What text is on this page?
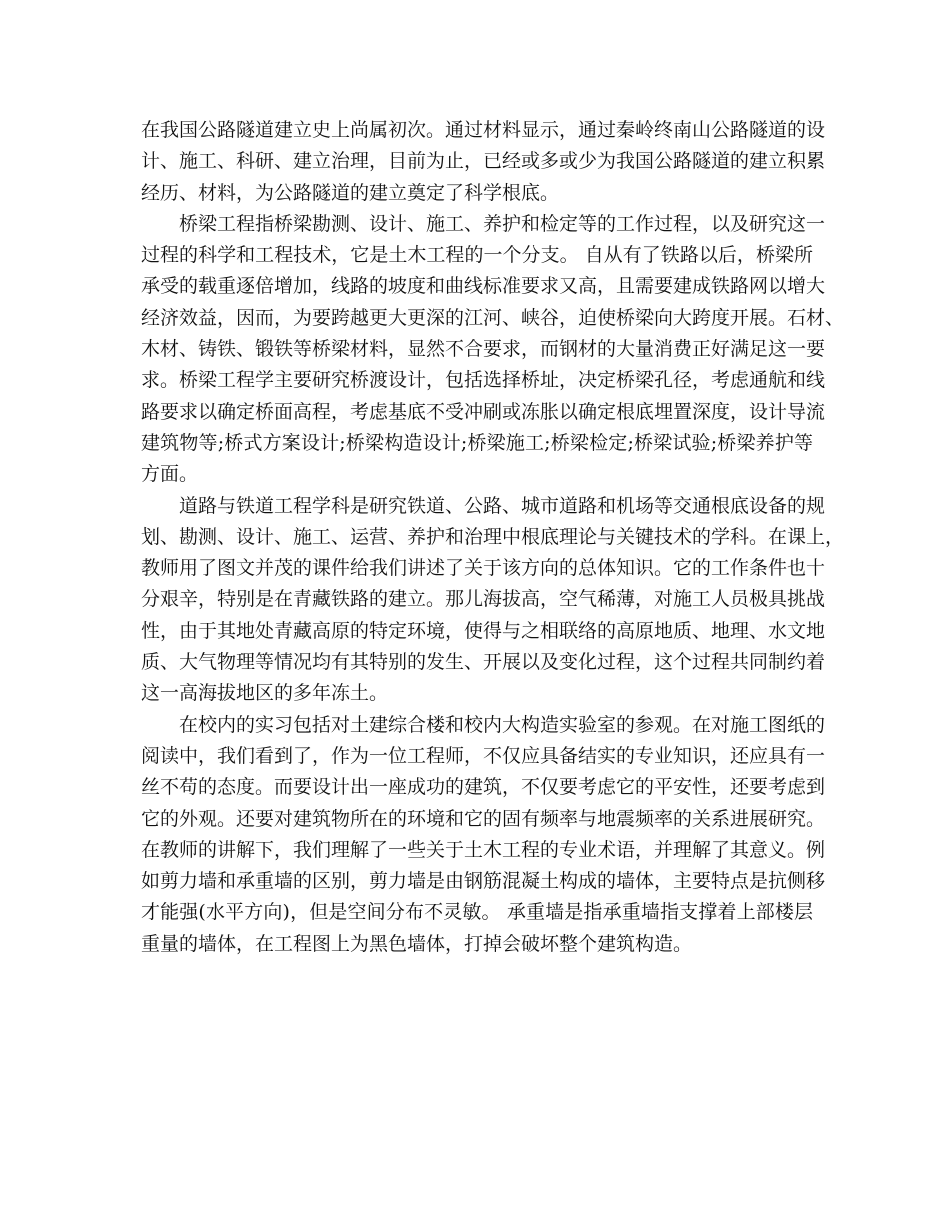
在我国公路隧道建立史上尚属初次。通过材料显示，通过秦岭终南山公路隧道的设
计、施工、科研、建立治理，目前为止，已经或多或少为我国公路隧道的建立积累
经历、材料，为公路隧道的建立奠定了科学根底。
桥梁工程指桥梁勘测、设计、施工、养护和检定等的工作过程，以及研究这一
过程的科学和工程技术，它是土木工程的一个分支。 自从有了铁路以后，桥梁所
承受的载重逐倍增加，线路的坡度和曲线标准要求又高，且需要建成铁路网以增大
经济效益，因而，为要跨越更大更深的江河、峡谷，迫使桥梁向大跨度开展。石材、
木材、铸铁、锻铁等桥梁材料，显然不合要求，而钢材的大量消费正好满足这一要
求。桥梁工程学主要研究桥渡设计，包括选择桥址，决定桥梁孔径，考虑通航和线
路要求以确定桥面高程，考虑基底不受冲刷或冻胀以确定根底埋置深度，设计导流
建筑物等;桥式方案设计;桥梁构造设计;桥梁施工;桥梁检定;桥梁试验;桥梁养护等
方面。
道路与铁道工程学科是研究铁道、公路、城市道路和机场等交通根底设备的规
划、勘测、设计、施工、运营、养护和治理中根底理论与关键技术的学科。在课上，
教师用了图文并茂的课件给我们讲述了关于该方向的总体知识。它的工作条件也十
分艰辛，特别是在青藏铁路的建立。那儿海拔高，空气稀薄，对施工人员极具挑战
性，由于其地处青藏高原的特定环境，使得与之相联络的高原地质、地理、水文地
质、大气物理等情况均有其特别的发生、开展以及变化过程，这个过程共同制约着
这一高海拔地区的多年冻土。
在校内的实习包括对土建综合楼和校内大构造实验室的参观。在对施工图纸的
阅读中，我们看到了，作为一位工程师，不仅应具备结实的专业知识，还应具有一
丝不苟的态度。而要设计出一座成功的建筑，不仅要考虑它的平安性，还要考虑到
它的外观。还要对建筑物所在的环境和它的固有频率与地震频率的关系进展研究。
在教师的讲解下，我们理解了一些关于土木工程的专业术语，并理解了其意义。例
如剪力墙和承重墙的区别，剪力墙是由钢筋混凝土构成的墙体，主要特点是抗侧移
才能强(水平方向)，但是空间分布不灵敏。 承重墙是指承重墙指支撑着上部楼层
重量的墙体，在工程图上为黑色墙体，打掉会破坏整个建筑构造。
